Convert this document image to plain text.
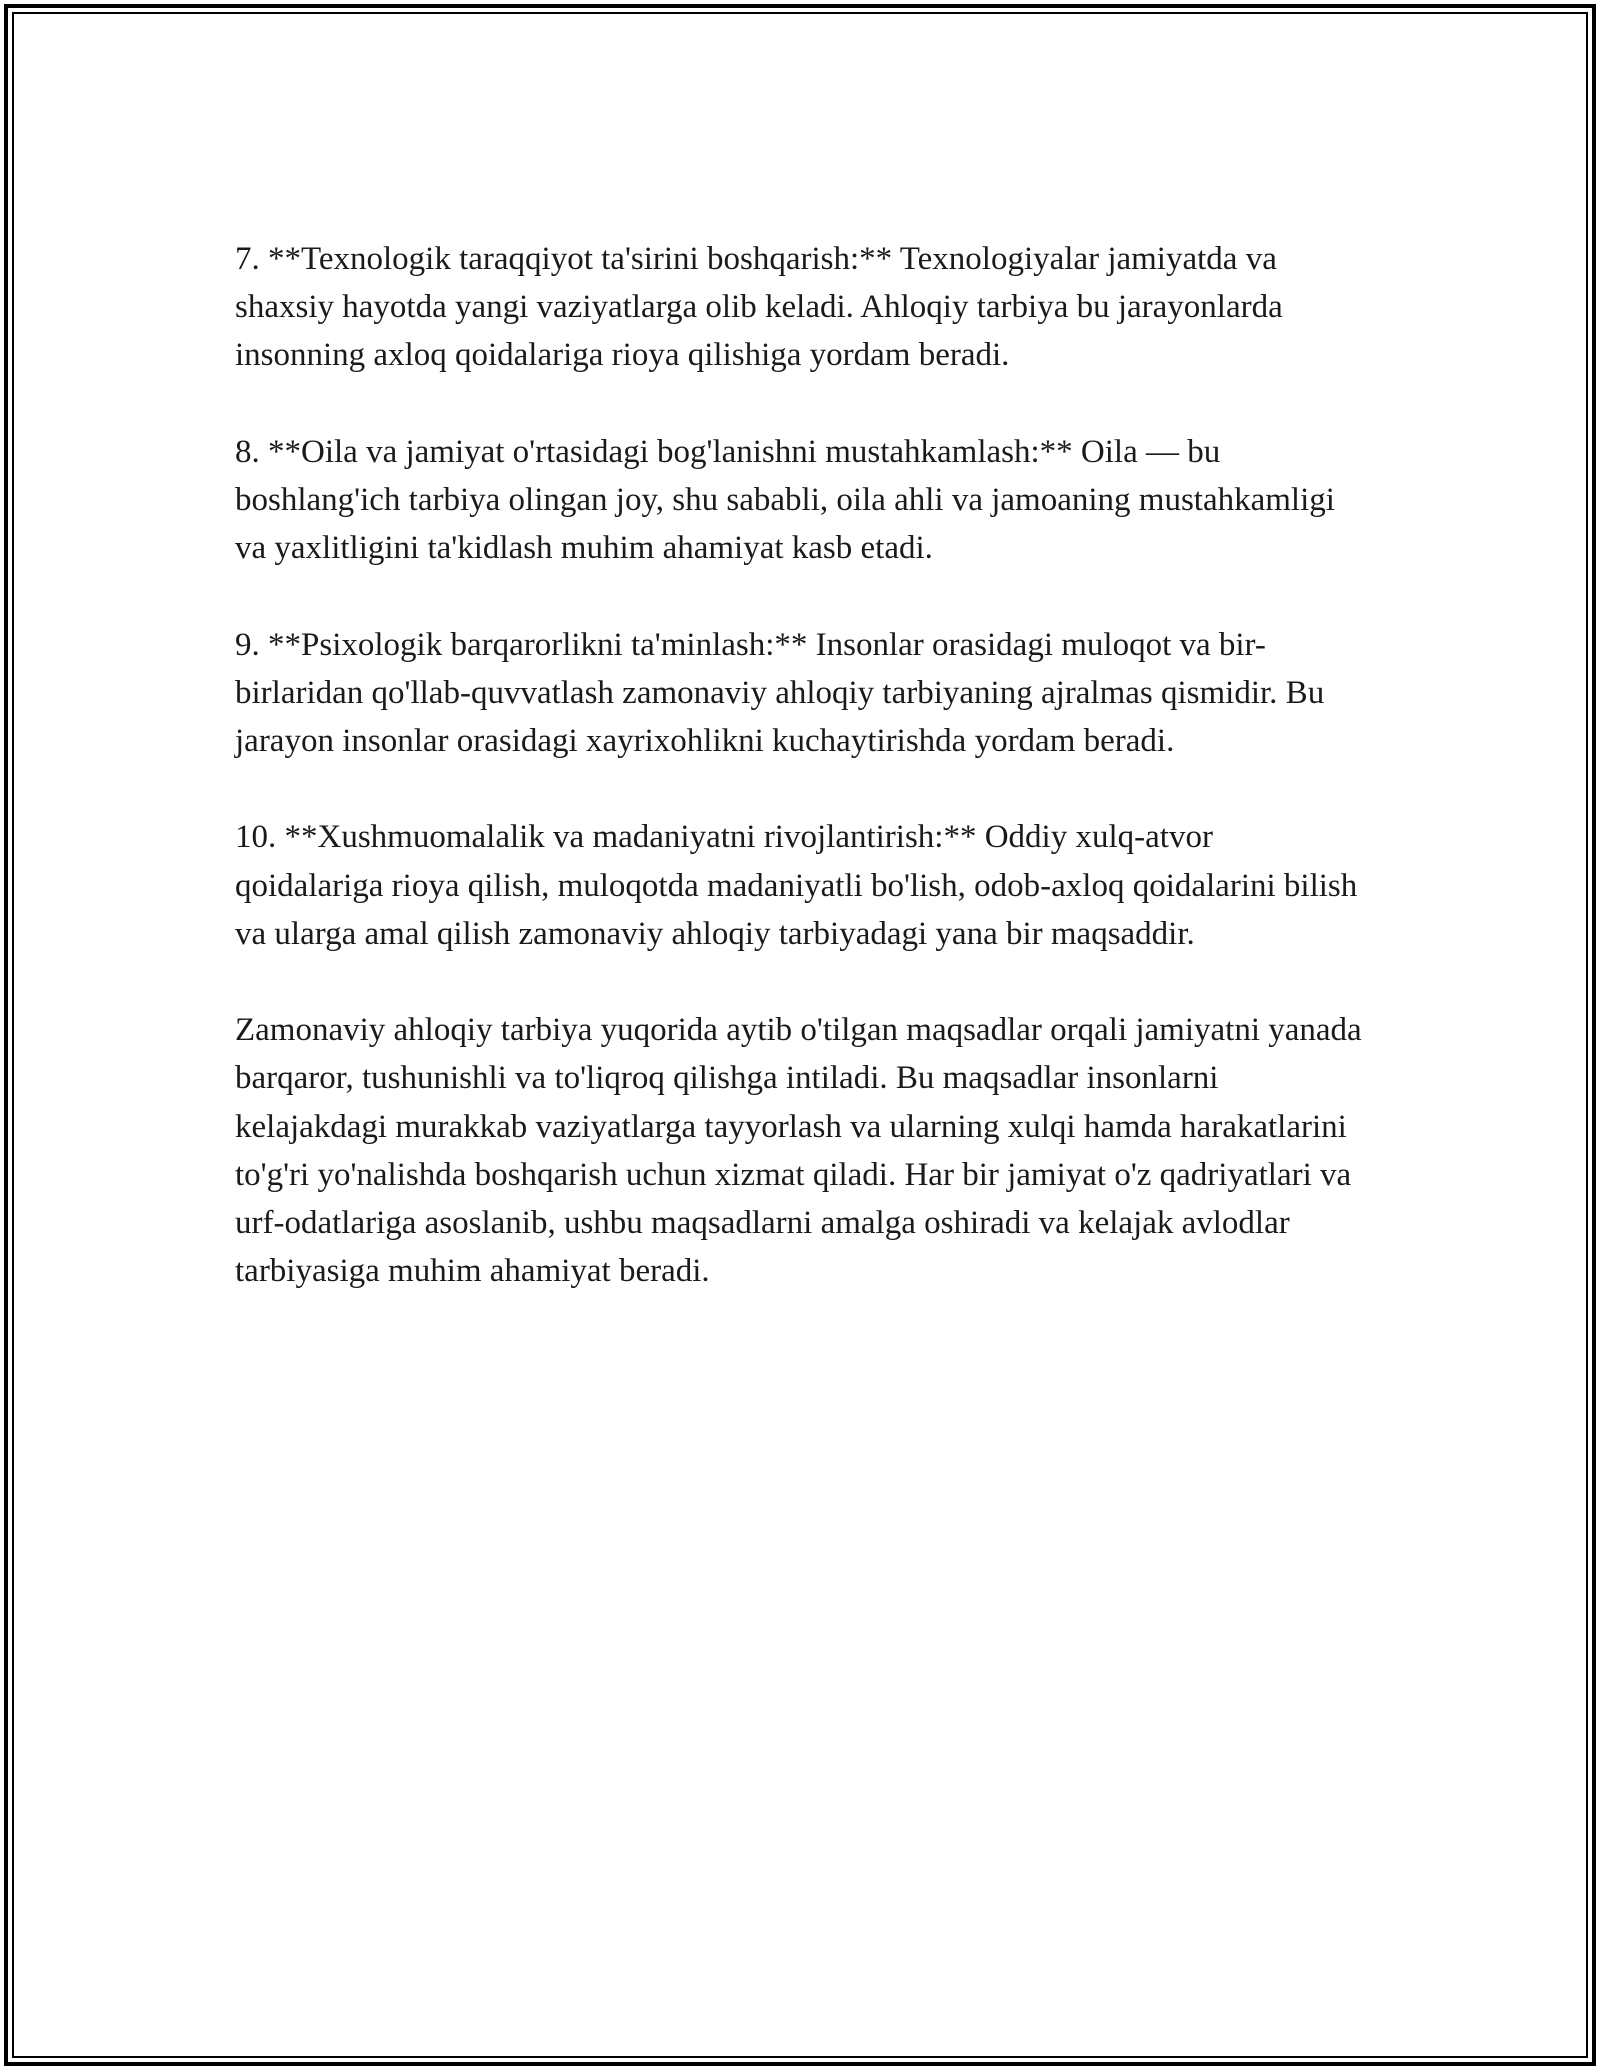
7. **Texnologik taraqqiyot ta'sirini boshqarish:** Texnologiyalar jamiyatda va shaxsiy hayotda yangi vaziyatlarga olib keladi. Ahloqiy tarbiya bu jarayonlarda insonning axloq qoidalariga rioya qilishiga yordam beradi.

8. **Oila va jamiyat o'rtasidagi bog'lanishni mustahkamlash:** Oila — bu boshlang'ich tarbiya olingan joy, shu sababli, oila ahli va jamoaning mustahkamligi va yaxlitligini ta'kidlash muhim ahamiyat kasb etadi.

9. **Psixologik barqarorlikni ta'minlash:** Insonlar orasidagi muloqot va bir-birlaridan qo'llab-quvvatlash zamonaviy ahloqiy tarbiyaning ajralmas qismidir. Bu jarayon insonlar orasidagi xayrixohlikni kuchaytirishda yordam beradi.

10. **Xushmuomalalik va madaniyatni rivojlantirish:** Oddiy xulq-atvor qoidalariga rioya qilish, muloqotda madaniyatli bo'lish, odob-axloq qoidalarini bilish va ularga amal qilish zamonaviy ahloqiy tarbiyadagi yana bir maqsaddir.

Zamonaviy ahloqiy tarbiya yuqorida aytib o'tilgan maqsadlar orqali jamiyatni yanada barqaror, tushunishli va to'liqroq qilishga intiladi. Bu maqsadlar insonlarni kelajakdagi murakkab vaziyatlarga tayyorlash va ularning xulqi hamda harakatlarini to'g'ri yo'nalishda boshqarish uchun xizmat qiladi. Har bir jamiyat o'z qadriyatlari va urf-odatlariga asoslanib, ushbu maqsadlarni amalga oshiradi va kelajak avlodlar tarbiyasiga muhim ahamiyat beradi.
